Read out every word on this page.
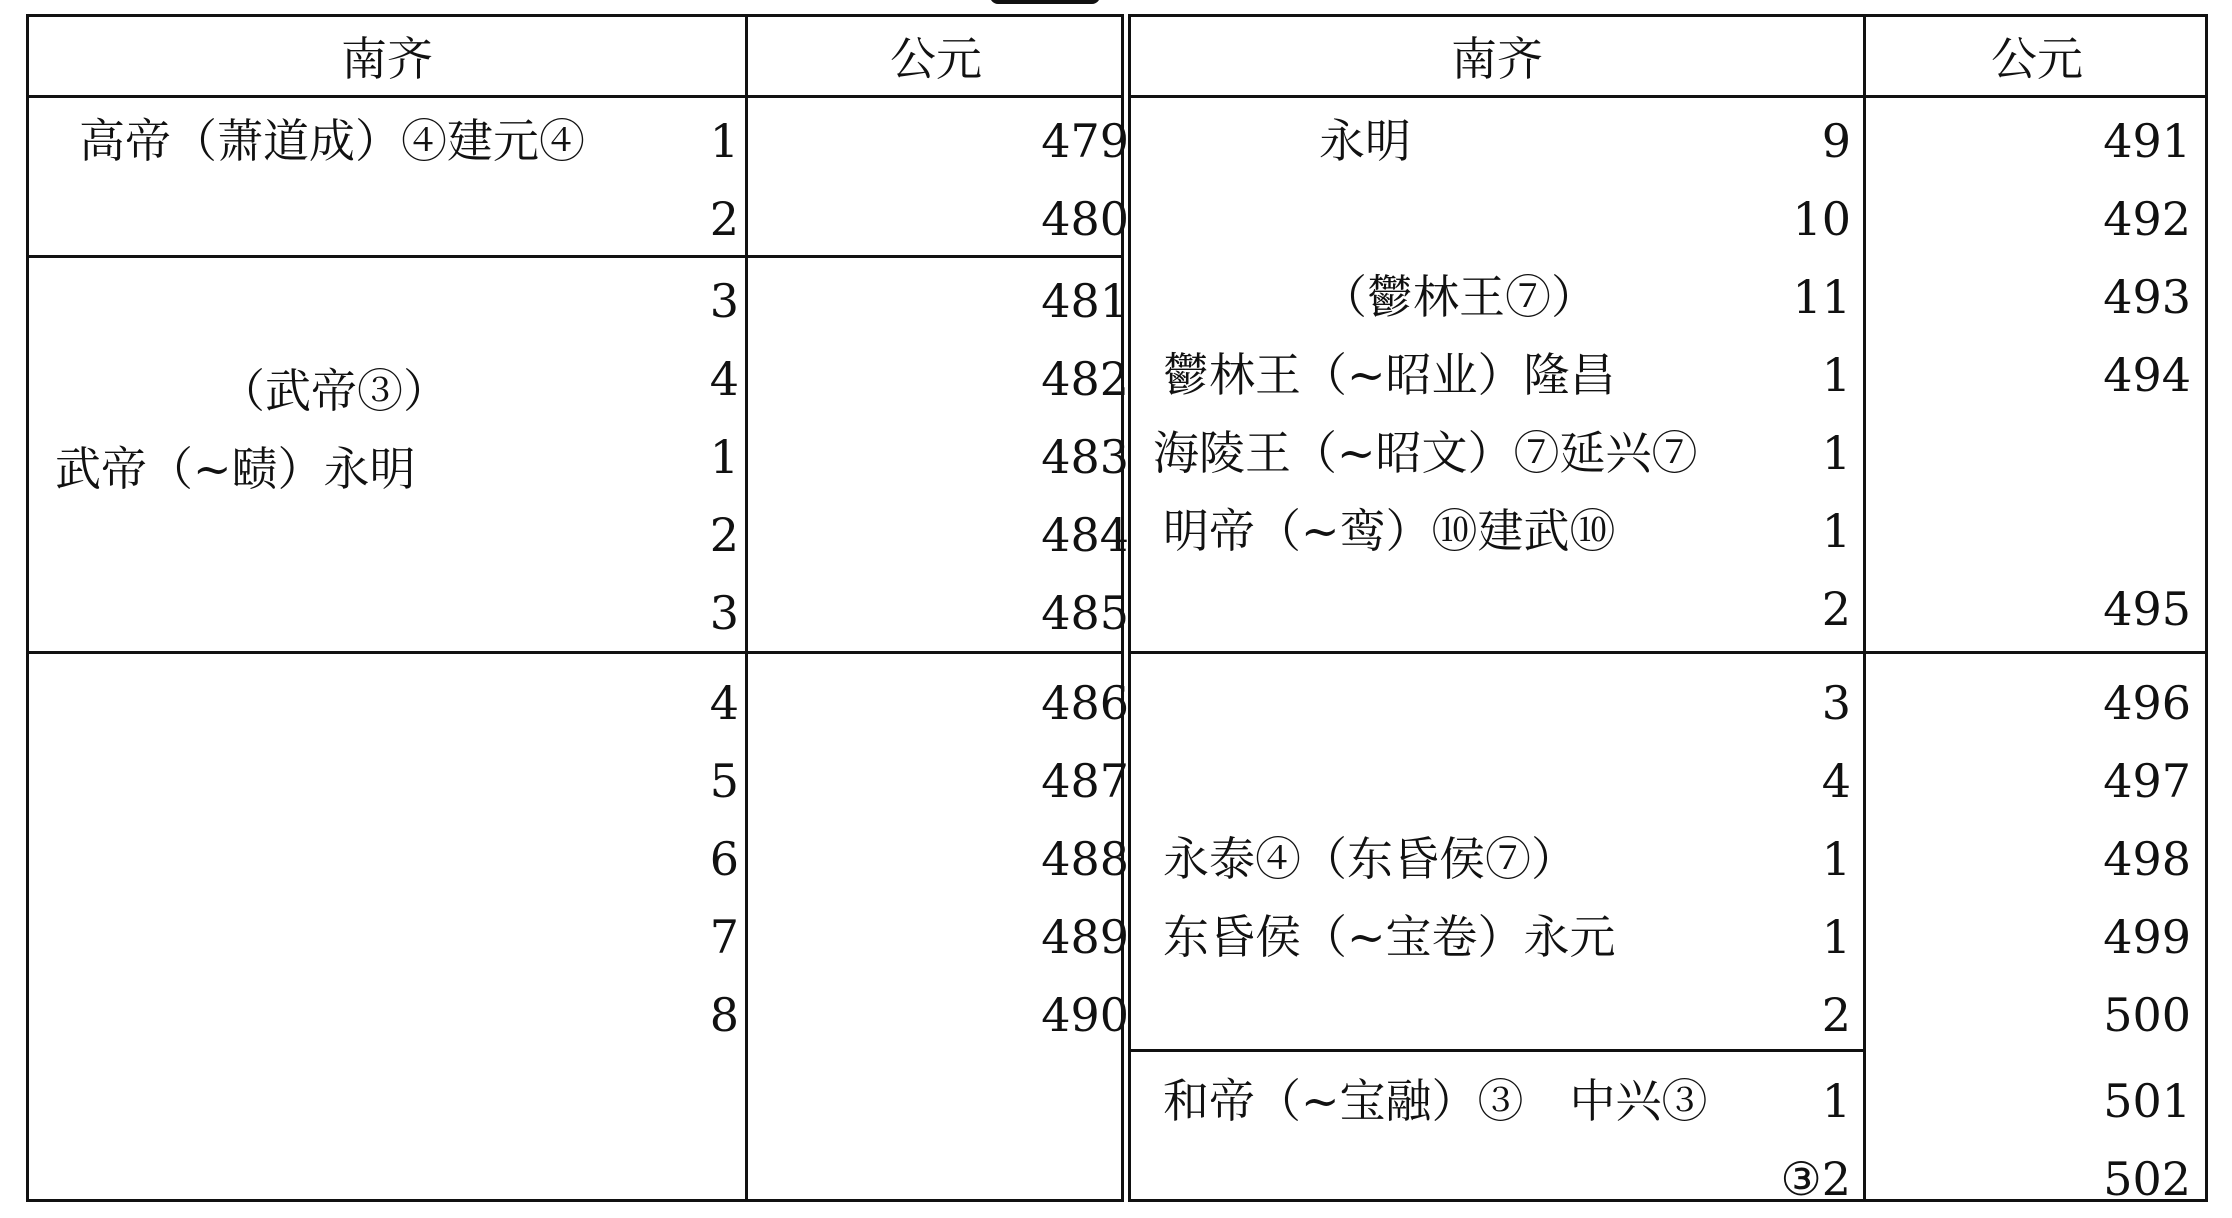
南齐	公元
高帝（萧道成）④建元④
（武帝③）
武帝（~赜）永明
1
2
3
4
1
2
3
4
5
6
7
8
479
480
481
482
483
484
485
486
487
488
489
490
南齐	公元
永明
（鬱林王⑦）
鬱林王（~昭业）隆昌
海陵王（~昭文）⑦延兴⑦
明帝（~鸾）⑩建武⑩
永泰④（东昏侯⑦）
东昏侯（~宝卷）永元
和帝（~宝融）③　中兴③
9
10
11
1
1
1
2
3
4
1
1
2
1
③2
491
492
493
494
495
496
497
498
499
500
501
502
